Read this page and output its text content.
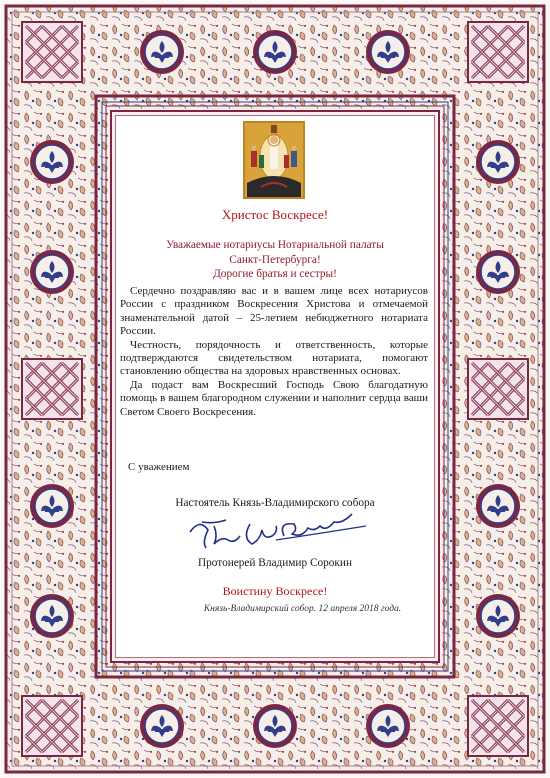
Христос Воскресе!
Уважаемые нотариусы Нотариальной палаты
Санкт-Петербурга!
Дорогие братья и сестры!

Сердечно поздравляю вас и в вашем лице всех нотариусов России с праздником Воскресения Христова и отмечаемой знаменательной датой – 25-летием небюджетного нотариата России.

Честность, порядочность и ответственность, которые подтверждаются свидетельством нотариата, помогают становлению общества на здоровых нравственных основах.

Да подаст вам Воскресший Господь Свою благодатную помощь в вашем благородном служении и наполнит сердца ваши Светом Своего Воскресения.

С уважением
Настоятель Князь-Владимирского собора
Протоиерей Владимир Сорокин
Воистину Воскресе!
Князь-Владимирский собор. 12 апреля 2018 года.
